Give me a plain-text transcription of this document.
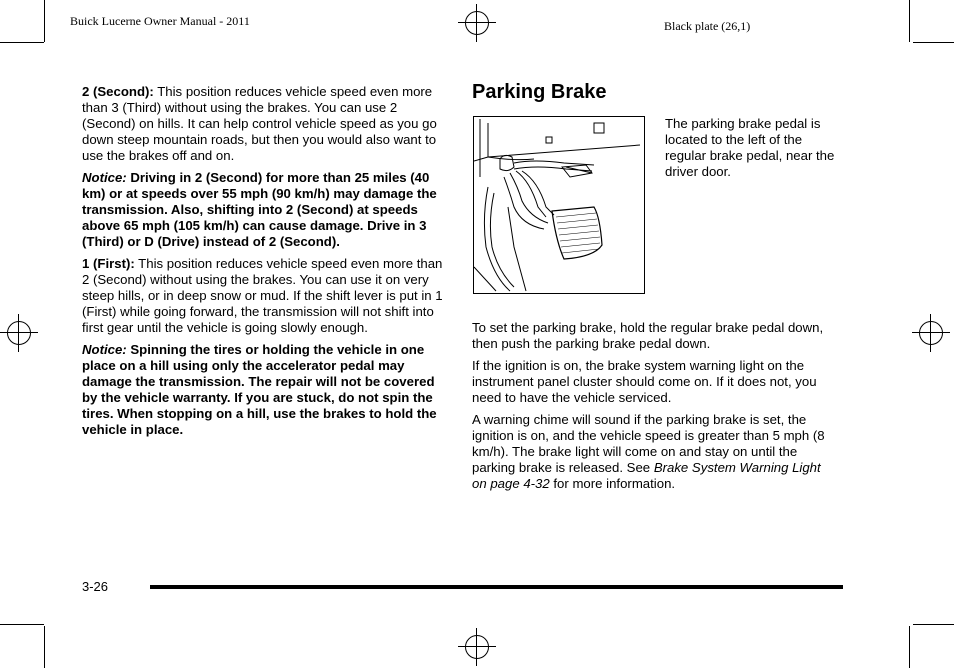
Buick Lucerne Owner Manual - 2011	Black plate (26,1)

2 (Second): This position reduces vehicle speed even more than 3 (Third) without using the brakes. You can use 2 (Second) on hills. It can help control vehicle speed as you go down steep mountain roads, but then you would also want to use the brakes off and on.

Notice: Driving in 2 (Second) for more than 25 miles (40 km) or at speeds over 55 mph (90 km/h) may damage the transmission. Also, shifting into 2 (Second) at speeds above 65 mph (105 km/h) can cause damage. Drive in 3 (Third) or D (Drive) instead of 2 (Second).

1 (First): This position reduces vehicle speed even more than 2 (Second) without using the brakes. You can use it on very steep hills, or in deep snow or mud. If the shift lever is put in 1 (First) while going forward, the transmission will not shift into first gear until the vehicle is going slowly enough.

Notice: Spinning the tires or holding the vehicle in one place on a hill using only the accelerator pedal may damage the transmission. The repair will not be covered by the vehicle warranty. If you are stuck, do not spin the tires. When stopping on a hill, use the brakes to hold the vehicle in place.

Parking Brake
The parking brake pedal is located to the left of the regular brake pedal, near the driver door.

To set the parking brake, hold the regular brake pedal down, then push the parking brake pedal down.

If the ignition is on, the brake system warning light on the instrument panel cluster should come on. If it does not, you need to have the vehicle serviced.

A warning chime will sound if the parking brake is set, the ignition is on, and the vehicle speed is greater than 5 mph (8 km/h). The brake light will come on and stay on until the parking brake is released. See Brake System Warning Light on page 4-32 for more information.

3-26
